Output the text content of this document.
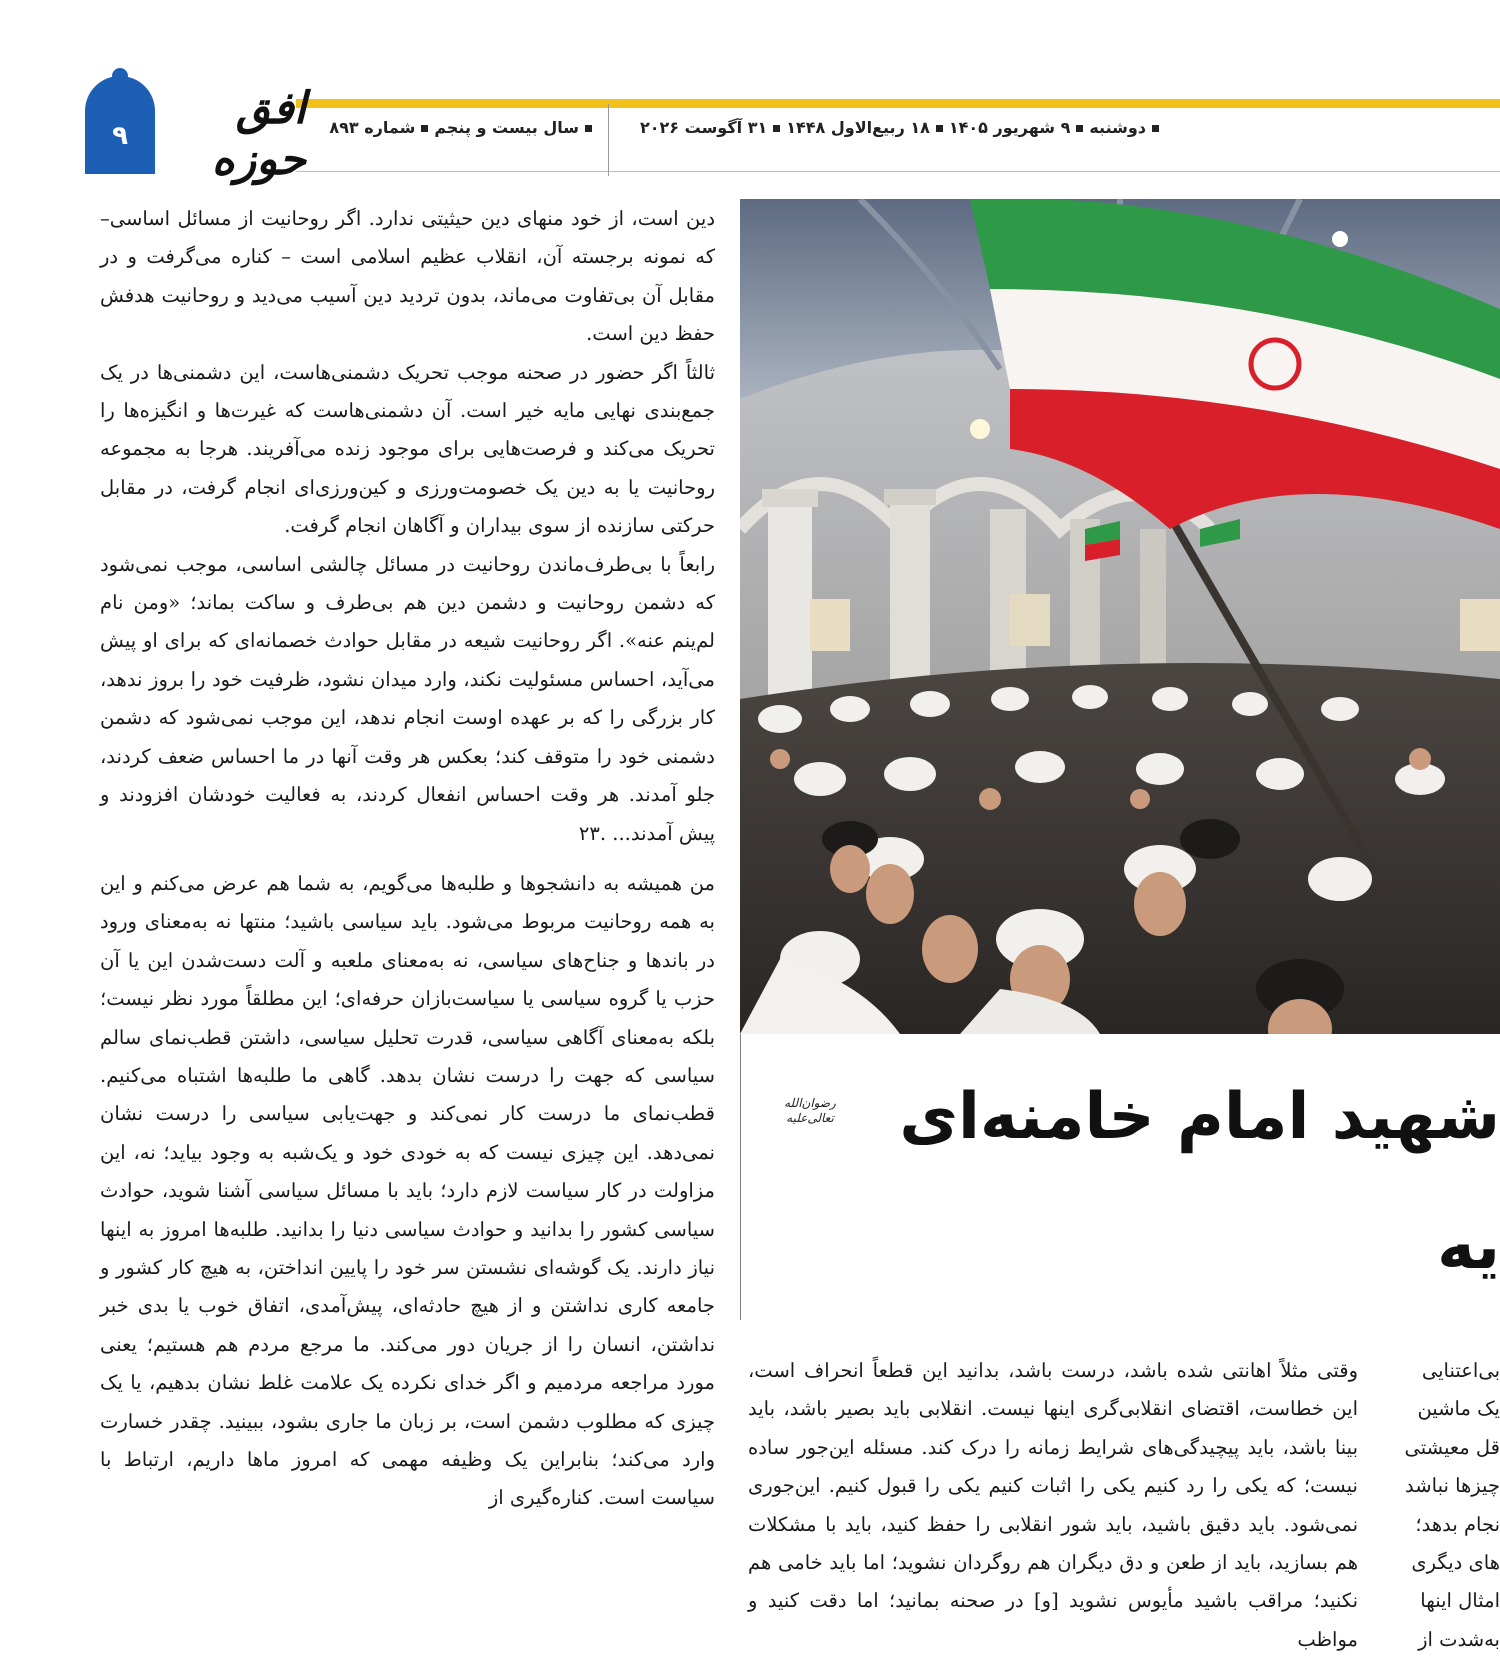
۹
افق حوزه
سال بیست و پنجمشماره ۸۹۳	دوشنبه۹ شهریور ۱۴۰۵۱۸ ربیع‌الاول ۱۴۴۸۳۱ آگوست ۲۰۲۶

دین است، از خود منهای دین حیثیتی ندارد. اگر روحانیت از مسائل اساسی– که نمونه برجسته آن، انقلاب عظیم اسلامی است – کناره می‌گرفت و در مقابل آن بی‌تفاوت می‌ماند، بدون تردید دین آسیب می‌دید و روحانیت هدفش حفظ دین است.

ثالثاً اگر حضور در صحنه موجب تحریک دشمنی‌هاست، این دشمنی‌ها در یک جمع‌بندی نهایی مایه خیر است. آن دشمنی‌هاست که غیرت‌ها و انگیزه‌ها را تحریک می‌کند و فرصت‌هایی برای موجود زنده می‌آفریند. هرجا به مجموعه روحانیت یا به دین یک خصومت‌ورزی و کین‌ورزی‌ای انجام گرفت، در مقابل حرکتی سازنده از سوی بیداران و آگاهان انجام گرفت.

رابعاً با بی‌طرف‌ماندن روحانیت در مسائل چالشی اساسی، موجب نمی‌شود که دشمن روحانیت و دشمن دین هم بی‌طرف و ساکت بماند؛ «ومن نام لم‌ینم عنه». اگر روحانیت شیعه در مقابل حوادث خصمانه‌ای که برای او پیش می‌آید، احساس مسئولیت نکند، وارد میدان نشود، ظرفیت خود را بروز ندهد، کار بزرگی را که بر عهده اوست انجام ندهد، این موجب نمی‌شود که دشمن دشمنی خود را متوقف کند؛ بعکس هر وقت آنها در ما احساس ضعف کردند، جلو آمدند. هر وقت احساس انفعال کردند، به فعالیت خودشان افزودند و پیش آمدند... .۲۳

من همیشه به دانشجوها و طلبه‌ها می‌گویم، به شما هم عرض می‌کنم و این به همه روحانیت مربوط می‌شود. باید سیاسی باشید؛ منتها نه به‌معنای ورود در باندها و جناح‌های سیاسی، نه به‌معنای ملعبه و آلت دست‌شدن این یا آن حزب یا گروه سیاسی یا سیاست‌بازان حرفه‌ای؛ این مطلقاً مورد نظر نیست؛ بلکه به‌معنای آگاهی سیاسی، قدرت تحلیل سیاسی، داشتن قطب‌نمای سالم سیاسی که جهت را درست نشان بدهد. گاهی ما طلبه‌ها اشتباه می‌کنیم. قطب‌نمای ما درست کار نمی‌کند و جهت‌یابی سیاسی را درست نشان نمی‌دهد. این چیزی نیست که به خودی خود و یک‌شبه به وجود بیاید؛ نه، این مزاولت در کار سیاست لازم دارد؛ باید با مسائل سیاسی آشنا شوید، حوادث سیاسی کشور را بدانید و حوادث سیاسی دنیا را بدانید. طلبه‌ها امروز به اینها نیاز دارند. یک گوشه‌ای نشستن سر خود را پایین انداختن، به هیچ کار کشور و جامعه کاری نداشتن و از هیچ حادثه‌ای، پیش‌آمدی، اتفاق خوب یا بدی خبر نداشتن، انسان را از جریان دور می‌کند. ما مرجع مردم هم هستیم؛ یعنی مورد مراجعه مردمیم و اگر خدای نکرده یک علامت غلط نشان بدهیم، یا یک چیزی که مطلوب دشمن است، بر زبان ما جاری بشود، ببینید. چقدر خسارت وارد می‌کند؛ بنابراین یک وظیفه مهمی که امروز ماها داریم، ارتباط با سیاست است. کناره‌گیری از

شهید امام خامنه‌ای
رضوان‌الله تعالی‌علیه
یه
وقتی مثلاً اهانتی شده باشد، درست باشد، بدانید این قطعاً انحراف است، این خطاست، اقتضای انقلابی‌گری اینها نیست. انقلابی باید بصیر باشد، باید بینا باشد، باید پیچیدگی‌های شرایط زمانه را درک کند. مسئله این‌جور ساده نیست؛ که یکی را رد کنیم یکی را اثبات کنیم یکی را قبول کنیم. این‌جوری نمی‌شود. باید دقیق باشید، باید شور انقلابی را حفظ کنید، باید با مشکلات هم بسازید، باید از طعن و دق دیگران هم روگردان نشوید؛ اما باید خامی هم نکنید؛ مراقب باشید مأیوس نشوید [و] در صحنه بمانید؛ اما دقت کنید و مواظب
بی‌اعتنایی
یک ماشین
قل معیشتی
چیزها نباشد
نجام بدهد؛
های دیگری
امثال اینها
به‌شدت از
